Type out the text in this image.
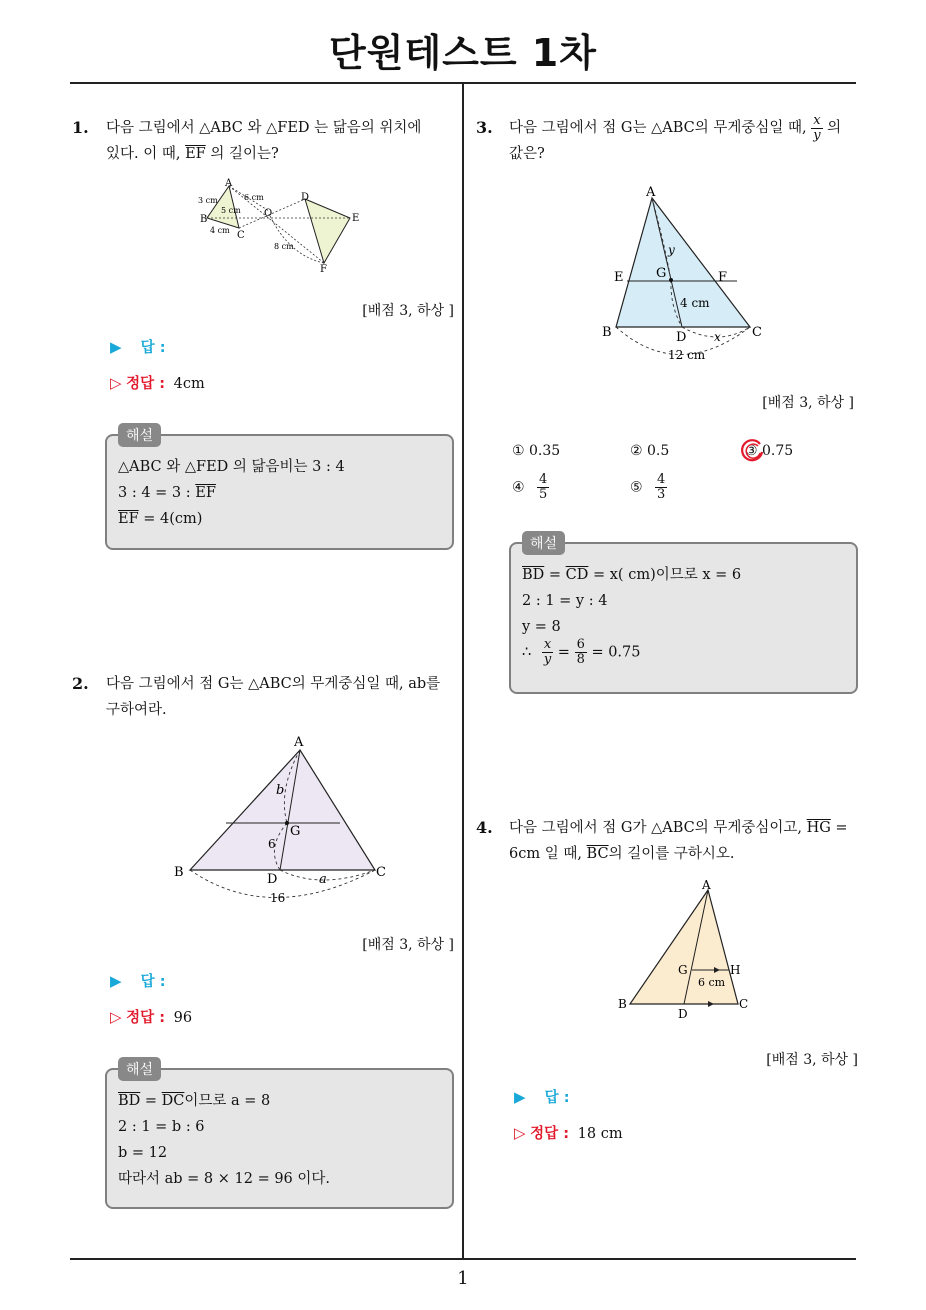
단원테스트 1차
1
1. 다음 그림에서 △ABC 와 △FED 는 닮음의 위치에
있다. 이 때, $\overline{EF}$ 의 길이는?
A
B
C
D
E
F
O
3 cm	6 cm
5 cm
4 cm
8 cm
[배점 3, 하상 ]
▶ 답 :
▷ 정답 : 4cm
해설
△ABC 와 △FED 의 닮음비는 3 : 4
3 : 4 = 3 : $\overline{EF}$
$\overline{EF} = 4(cm)$
2. 다음 그림에서 점 G는 △ABC의 무게중심일 때, ab를
구하여라.
A
B	C
D
G
b
6
a
16
[배점 3, 하상 ]
▶ 답 :
▷ 정답 : 96
해설
$\overline{BD} = \overline{DC}$이므로 a = 8
2 : 1 = b : 6
b = 12
따라서 ab = 8 × 12 = 96 이다.
3. 다음 그림에서 점 G는 △ABC의 무게중심일 때, $\frac{x}{y}$ 의
값은?
A
B	C
D
E	F
G
y
x
4 cm
12 cm
[배점 3, 하상 ]
① 0.35	② 0.5	③ 0.75
④ $\frac{4}{5}$	⑤ $\frac{4}{3}$
해설
$\overline{BD} = \overline{CD} = x$( cm)이므로 x = 6
2 : 1 = y : 4
y = 8
∴ $\frac{x}{y} = \frac{6}{8} = 0.75$
4. 다음 그림에서 점 G가 △ABC의 무게중심이고, $\overline{HG}$ =
6cm 일 때, $\overline{BC}$의 길이를 구하시오.
A
B	C
D
G	H
6 cm
[배점 3, 하상 ]
▶ 답 :
▷ 정답 : 18 cm
